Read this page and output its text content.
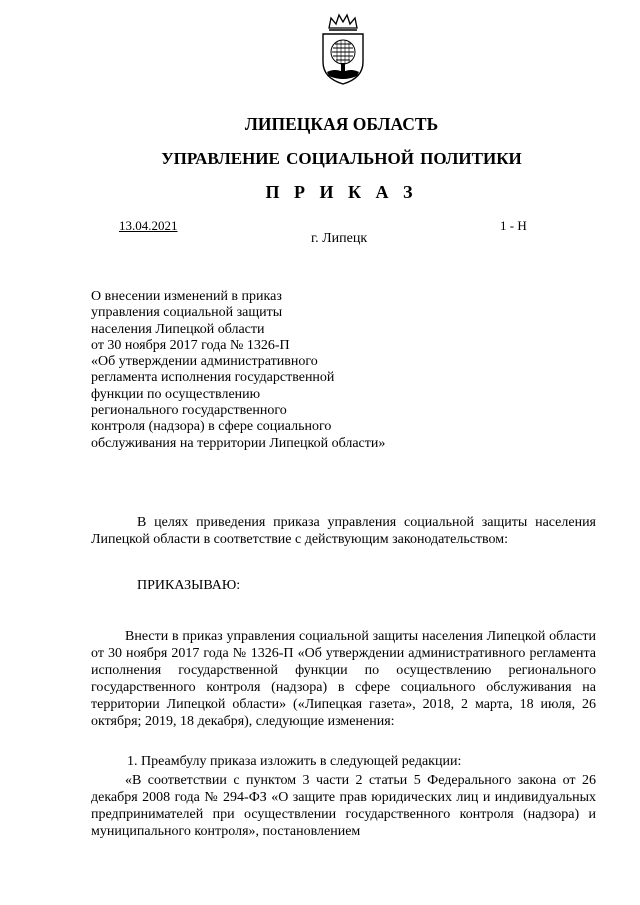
ЛИПЕЦКАЯ ОБЛАСТЬ
УПРАВЛЕНИЕ СОЦИАЛЬНОЙ ПОЛИТИКИ
П Р И К А З
13.04.2021	1 - Н
г. Липецк
О внесении изменений в приказ
управления социальной защиты
населения Липецкой области
от 30 ноября 2017 года № 1326-П
«Об утверждении административного
регламента исполнения государственной
функции по осуществлению
регионального государственного
контроля (надзора) в сфере социального
обслуживания на территории Липецкой области»

В целях приведения приказа управления социальной защиты населения Липецкой области в соответствие с действующим законодательством:

ПРИКАЗЫВАЮ:

Внести в приказ управления социальной защиты населения Липецкой области от 30 ноября 2017 года № 1326-П «Об утверждении административного регламента исполнения государственной функции по осуществлению регионального государственного контроля (надзора) в сфере социального обслуживания на территории Липецкой области» («Липецкая газета», 2018, 2 марта, 18 июля, 26 октября; 2019, 18 декабря), следующие изменения:

1. Преамбулу приказа изложить в следующей редакции:

«В соответствии с пунктом 3 части 2 статьи 5 Федерального закона от 26 декабря 2008 года № 294-ФЗ «О защите прав юридических лиц и индивидуальных предпринимателей при осуществлении государственного контроля (надзора) и муниципального контроля», постановлением
